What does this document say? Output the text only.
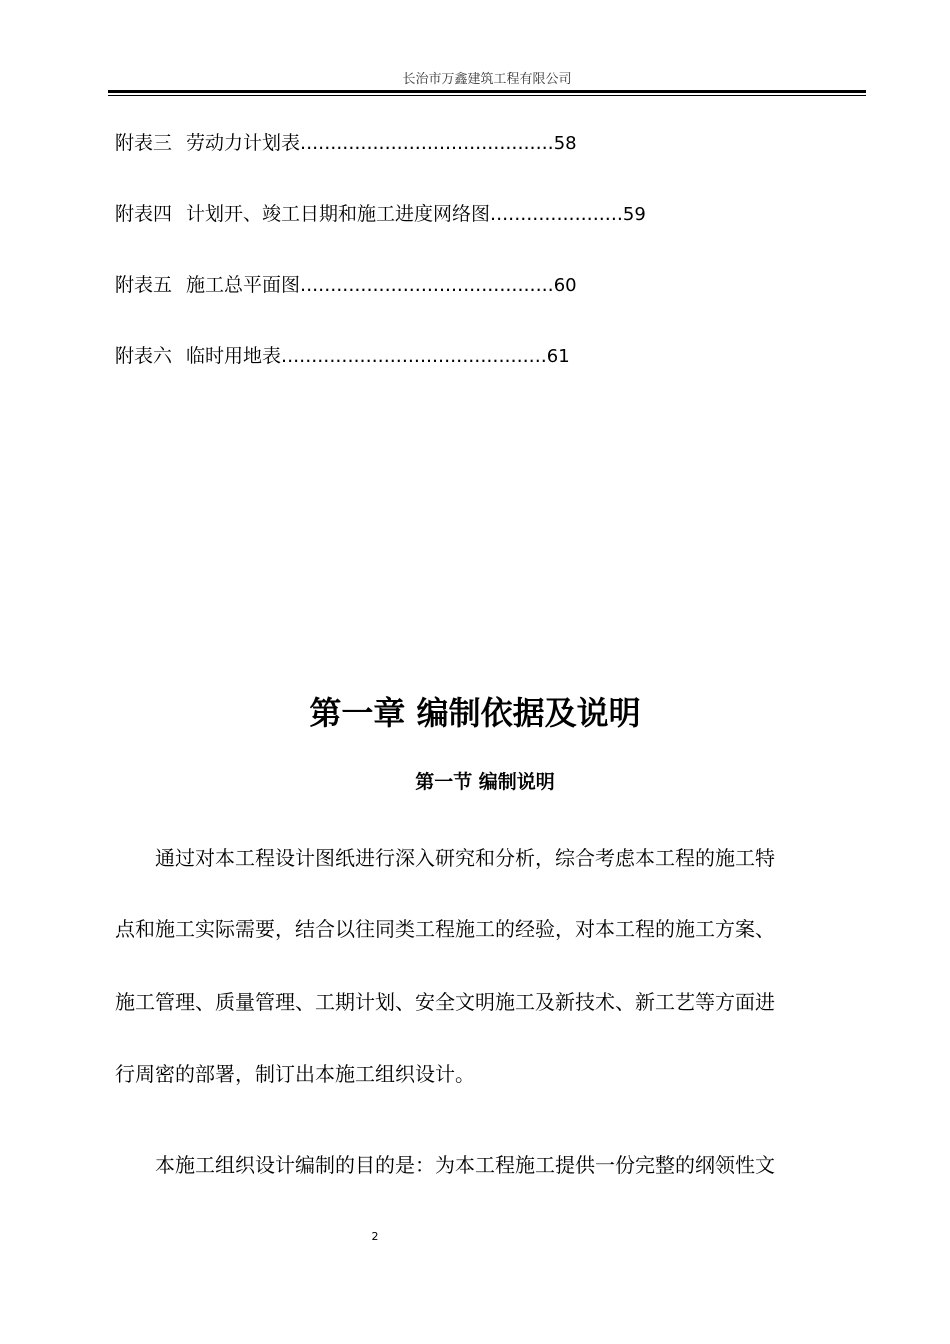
长治市万鑫建筑工程有限公司
附表三 劳动力计划表..........................................58
附表四 计划开、竣工日期和施工进度网络图......................59
附表五 施工总平面图..........................................60
附表六 临时用地表............................................61
第一章 编制依据及说明
第一节 编制说明
通过对本工程设计图纸进行深入研究和分析，综合考虑本工程的施工特
点和施工实际需要，结合以往同类工程施工的经验，对本工程的施工方案、
施工管理、质量管理、工期计划、安全文明施工及新技术、新工艺等方面进
行周密的部署，制订出本施工组织设计。
本施工组织设计编制的目的是：为本工程施工提供一份完整的纲领性文
2
